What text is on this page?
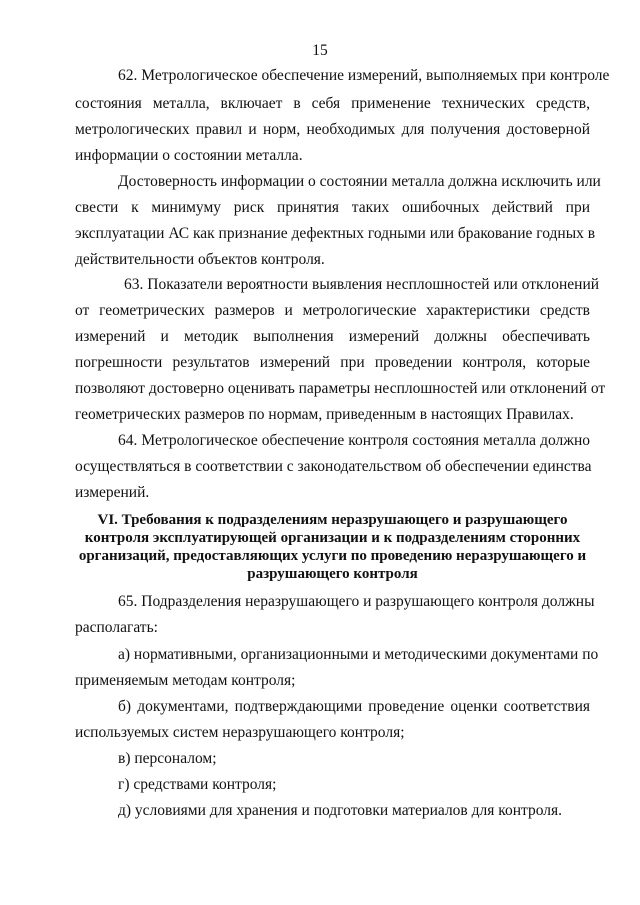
15
62. Метрологическое обеспечение измерений, выполняемых при контроле
состояния металла, включает в себя применение технических средств,
метрологических правил и норм, необходимых для получения достоверной
информации о состоянии металла.
Достоверность информации о состоянии металла должна исключить или
свести к минимуму риск принятия таких ошибочных действий при
эксплуатации АС как признание дефектных годными или бракование годных в
действительности объектов контроля.
63. Показатели вероятности выявления несплошностей или отклонений
от геометрических размеров и метрологические характеристики средств
измерений и методик выполнения измерений должны обеспечивать
погрешности результатов измерений при проведении контроля, которые
позволяют достоверно оценивать параметры несплошностей или отклонений от
геометрических размеров по нормам, приведенным в настоящих Правилах.
64. Метрологическое обеспечение контроля состояния металла должно
осуществляться в соответствии с законодательством об обеспечении единства
измерений.
VI. Требования к подразделениям неразрушающего и разрушающего
контроля эксплуатирующей организации и к подразделениям сторонних
организаций, предоставляющих услуги по проведению неразрушающего и
разрушающего контроля
65. Подразделения неразрушающего и разрушающего контроля должны
располагать:
а) нормативными, организационными и методическими документами по
применяемым методам контроля;
б) документами, подтверждающими проведение оценки соответствия
используемых систем неразрушающего контроля;
в) персоналом;
г) средствами контроля;
д) условиями для хранения и подготовки материалов для контроля.
